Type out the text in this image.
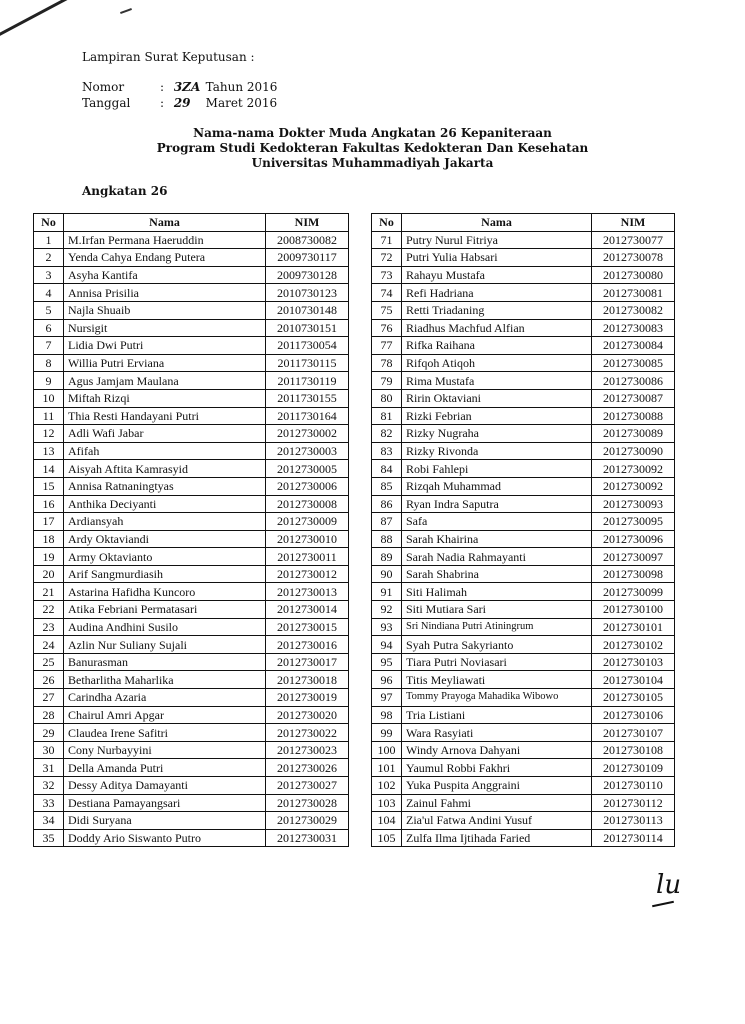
Lampiran Surat Keputusan :
Nomor	: 3ZA Tahun 2016
Tanggal : 29 Maret 2016
Nama-nama Dokter Muda Angkatan 26 Kepaniteraan
Program Studi Kedokteran Fakultas Kedokteran Dan Kesehatan
Universitas Muhammadiyah Jakarta
Angkatan 26
No	Nama	NIM
1	M.Irfan Permana Haeruddin	2008730082
2	Yenda Cahya Endang Putera	2009730117
3	Asyha Kantifa	2009730128
4	Annisa Prisilia	2010730123
5	Najla Shuaib	2010730148
6	Nursigit	2010730151
7	Lidia Dwi Putri	2011730054
8	Willia Putri Erviana	2011730115
9	Agus Jamjam Maulana	2011730119
10	Miftah Rizqi	2011730155
11	Thia Resti Handayani Putri	2011730164
12	Adli Wafi Jabar	2012730002
13	Afifah	2012730003
14	Aisyah Aftita Kamrasyid	2012730005
15	Annisa Ratnaningtyas	2012730006
16	Anthika Deciyanti	2012730008
17	Ardiansyah	2012730009
18	Ardy Oktaviandi	2012730010
19	Army Oktavianto	2012730011
20	Arif Sangmurdiasih	2012730012
21	Astarina Hafidha Kuncoro	2012730013
22	Atika Febriani Permatasari	2012730014
23	Audina Andhini Susilo	2012730015
24	Azlin Nur Suliany Sujali	2012730016
25	Banurasman	2012730017
26	Betharlitha Maharlika	2012730018
27	Carindha Azaria	2012730019
28	Chairul Amri Apgar	2012730020
29	Claudea Irene Safitri	2012730022
30	Cony Nurbayyini	2012730023
31	Della Amanda Putri	2012730026
32	Dessy Aditya Damayanti	2012730027
33	Destiana Pamayangsari	2012730028
34	Didi Suryana	2012730029
35	Doddy Ario Siswanto Putro	2012730031
No	Nama	NIM
71	Putry Nurul Fitriya	2012730077
72	Putri Yulia Habsari	2012730078
73	Rahayu Mustafa	2012730080
74	Refi Hadriana	2012730081
75	Retti Triadaning	2012730082
76	Riadhus Machfud Alfian	2012730083
77	Rifka Raihana	2012730084
78	Rifqoh Atiqoh	2012730085
79	Rima Mustafa	2012730086
80	Ririn Oktaviani	2012730087
81	Rizki Febrian	2012730088
82	Rizky Nugraha	2012730089
83	Rizky Rivonda	2012730090
84	Robi Fahlepi	2012730092
85	Rizqah Muhammad	2012730092
86	Ryan Indra Saputra	2012730093
87	Safa	2012730095
88	Sarah Khairina	2012730096
89	Sarah Nadia Rahmayanti	2012730097
90	Sarah Shabrina	2012730098
91	Siti Halimah	2012730099
92	Siti Mutiara Sari	2012730100
93	Sri Nindiana Putri Atiningrum	2012730101
94	Syah Putra Sakyrianto	2012730102
95	Tiara Putri Noviasari	2012730103
96	Titis Meyliawati	2012730104
97	Tommy Prayoga Mahadika Wibowo	2012730105
98	Tria Listiani	2012730106
99	Wara Rasyiati	2012730107
100	Windy Arnova Dahyani	2012730108
101	Yaumul Robbi Fakhri	2012730109
102	Yuka Puspita Anggraini	2012730110
103	Zainul Fahmi	2012730112
104	Zia'ul Fatwa Andini Yusuf	2012730113
105	Zulfa Ilma Ijtihada Faried	2012730114
lu
